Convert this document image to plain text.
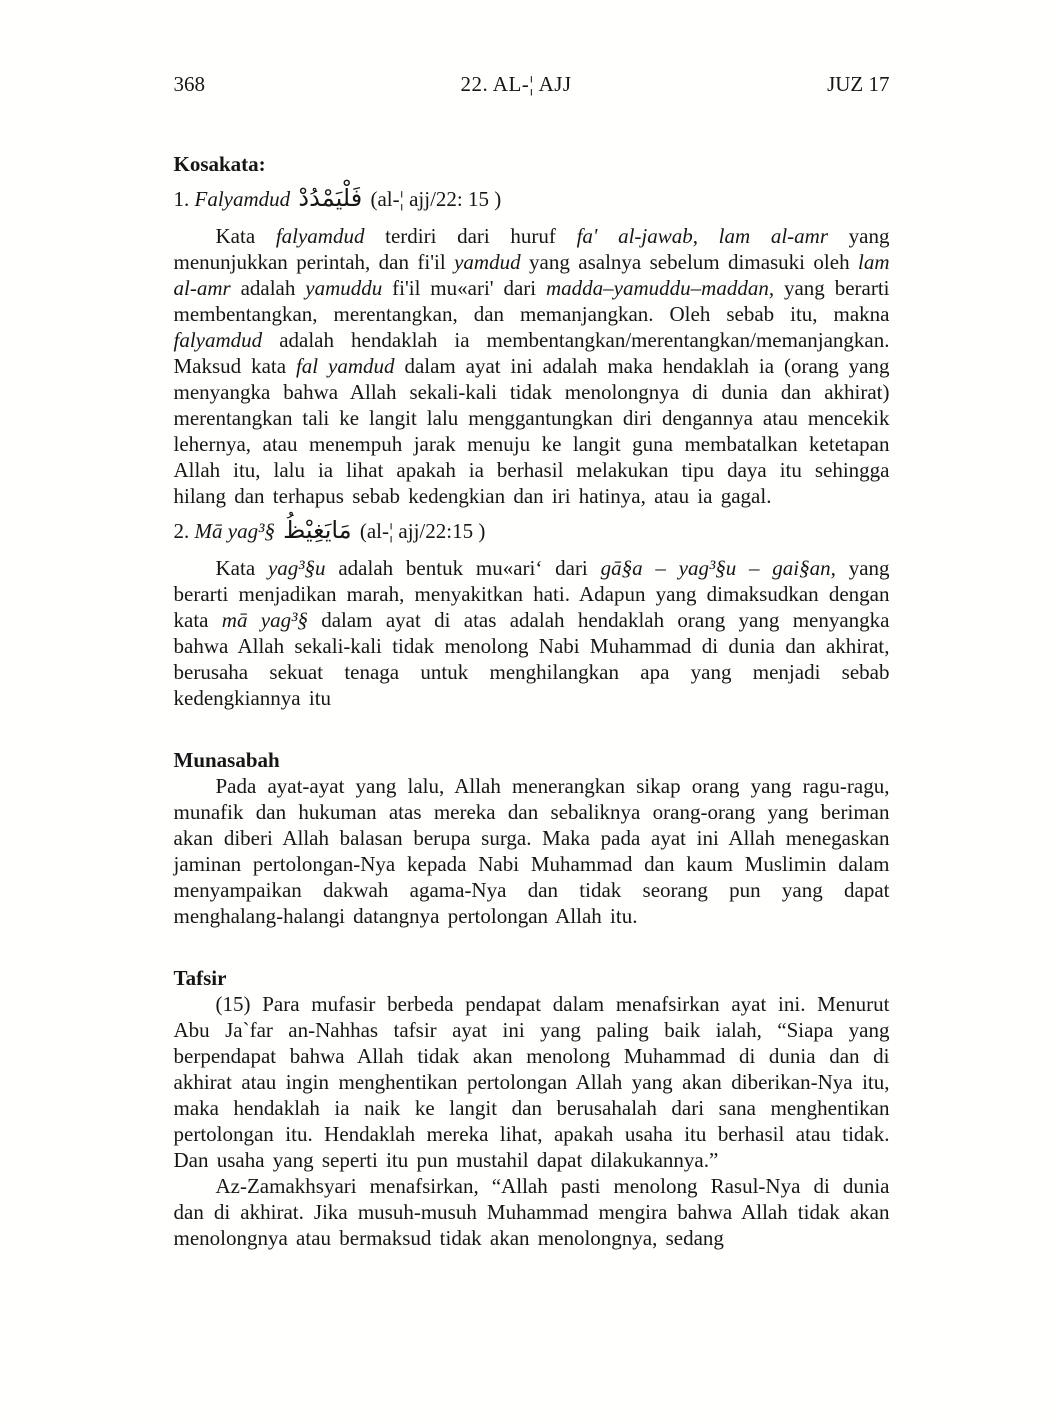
368	22. AL-¦ AJJ	JUZ 17
Kosakata:
1. Falyamdud فَلْيَمْدُدْ (al-¦ ajj/22: 15 )

Kata falyamdud terdiri dari huruf fa' al-jawab, lam al-amr yang menunjukkan perintah, dan fi'il yamdud yang asalnya sebelum dimasuki oleh lam al-amr adalah yamuddu fi'il mu«ari' dari madda–yamuddu–maddan, yang berarti membentangkan, merentangkan, dan memanjangkan. Oleh sebab itu, makna falyamdud adalah hendaklah ia membentangkan/merentangkan/memanjangkan. Maksud kata fal yamdud dalam ayat ini adalah maka hendaklah ia (orang yang menyangka bahwa Allah sekali-kali tidak menolongnya di dunia dan akhirat) merentangkan tali ke langit lalu menggantungkan diri dengannya atau mencekik lehernya, atau menempuh jarak menuju ke langit guna membatalkan ketetapan Allah itu, lalu ia lihat apakah ia berhasil melakukan tipu daya itu sehingga hilang dan terhapus sebab kedengkian dan iri hatinya, atau ia gagal.

2. Mā yag³§ مَايَغِيْظُ (al-¦ ajj/22:15 )

Kata yag³§u adalah bentuk mu«ari‘ dari gā§a – yag³§u – gai§an, yang berarti menjadikan marah, menyakitkan hati. Adapun yang dimaksudkan dengan kata mā yag³§ dalam ayat di atas adalah hendaklah orang yang menyangka bahwa Allah sekali-kali tidak menolong Nabi Muhammad di dunia dan akhirat, berusaha sekuat tenaga untuk menghilangkan apa yang menjadi sebab kedengkiannya itu

Munasabah

Pada ayat-ayat yang lalu, Allah menerangkan sikap orang yang ragu-ragu, munafik dan hukuman atas mereka dan sebaliknya orang-orang yang beriman akan diberi Allah balasan berupa surga. Maka pada ayat ini Allah menegaskan jaminan pertolongan-Nya kepada Nabi Muhammad dan kaum Muslimin dalam menyampaikan dakwah agama-Nya dan tidak seorang pun yang dapat menghalang-halangi datangnya pertolongan Allah itu.

Tafsir

(15) Para mufasir berbeda pendapat dalam menafsirkan ayat ini. Menurut Abu Ja`far an-Nahhas tafsir ayat ini yang paling baik ialah, “Siapa yang berpendapat bahwa Allah tidak akan menolong Muhammad di dunia dan di akhirat atau ingin menghentikan pertolongan Allah yang akan diberikan-Nya itu, maka hendaklah ia naik ke langit dan berusahalah dari sana menghentikan pertolongan itu. Hendaklah mereka lihat, apakah usaha itu berhasil atau tidak. Dan usaha yang seperti itu pun mustahil dapat dilakukannya.”

Az-Zamakhsyari menafsirkan, “Allah pasti menolong Rasul-Nya di dunia dan di akhirat. Jika musuh-musuh Muhammad mengira bahwa Allah tidak akan menolongnya atau bermaksud tidak akan menolongnya, sedang
